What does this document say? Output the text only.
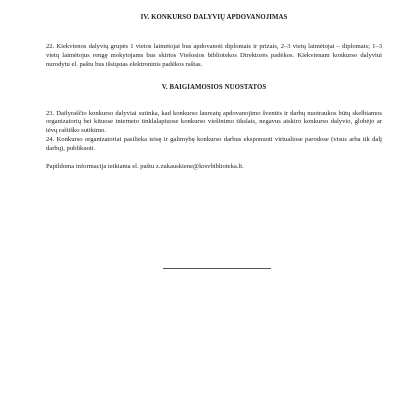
IV. KONKURSO DALYVIŲ APDOVANOJIMAS

22. Kiekvienos dalyvių grupės 1 vietos laimėtojai bus apdovanoti diplomais ir prizais, 2–3 vietų laimėtojai – diplomais; 1–3 vietų laimėtojus rengę mokytojams bus skirtos Viešosios bibliotekos Direktorės padėkos. Kiekvienam konkurso dalyviui nurodytu el. paštu bus išsiųstas elektroninis padėkos raštas.

V. BAIGIAMOSIOS NUOSTATOS

23. Dailyraščio konkurso dalyviai sutinka, kad konkurso laureatų apdovanojimo šventės ir darbų nuotraukos būtų skelbiamos organizatorių bei kituose interneto tinklalapiuose konkurso viešinimo tikslais, negavus atskiro konkurso dalyvio, globėjo ar tėvų raštiško sutikimo.

24. Konkurso organizatoriai pasilieka teisę ir galimybę konkurso darbus eksponuoti virtualiose parodose (visus arba tik dalį darbų), publikuoti.

Papildoma informacija teikiama el. paštu z.zukauskiene@krsvbiblioteka.lt.
